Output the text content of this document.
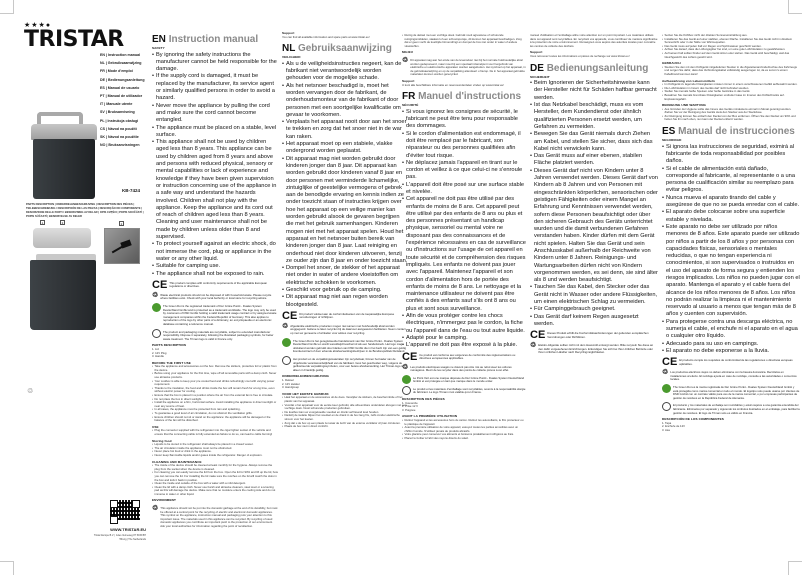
★★★●
TRISTAR
EN | Instruction manual
NL | Gebruiksaanwijzing
FR | Mode d'emploi
DE | Bedienungsanleitung
ES | Manual de usuario
PT | Manual de utilizador
IT | Manuale utente
SV | Bruksanvisning
PL | Instrukcja obsługi
CS | Návod na použití
SK | Návod na použitie
NO | Bruksanvisningen
KB-7424
PARTS DESCRIPTION | ONDERDELENBESCHRIJVING | DESCRIPTION DES PIÈCES | TEILEBESCHREIBUNG / DESCRIPCIÓN DE LAS PIEZAS | DESCRIÇÃO DO COMPONENTE | DESCRIZIONE DELLE PARTI / BESKRIVNING AV DELAR | OPIS CZĘŚCI | POPIS SOUČÁSTÍ | POPIS SÚČASTÍ | BESKRIVELSE AV DELER
1	3	2
♲
WWW.TRISTAR.EU
Tristar Europe B.V. | Jules Verneweg 87 5015 BH Tilburg | The Netherlands
EN Instruction manual
SAFETY
• By ignoring the safety instructions the manufacturer cannot be held responsible for the damage.
• If the supply cord is damaged, it must be replaced by the manufacturer, its service agent or similarly qualified persons in order to avoid a hazard.
• Never move the appliance by pulling the cord and make sure the cord cannot become entangled.
• The appliance must be placed on a stable, level surface.
• This appliance shall not be used by children aged less than 8 years. This appliance can be used by children aged from 8 years and above and persons with reduced physical, sensory or mental capabilities or lack of experience and knowledge if they have been given supervision or instruction concerning use of the appliance in a safe way and understand the hazards involved. Children shall not play with the appliance. Keep the appliance and its cord out of reach of children aged less than 8 years. Cleaning and user maintenance shall not be made by children unless older than 8 and supervised.
• To protect yourself against an electric shock, do not immerse the cord, plug or appliance in the water or any other liquid.
• Suitable for camping use.
• The appliance shall not be exposed to rain.
CE This product complies with conformity requirements of the applicable European regulations or directives.
♲ Waste electrical products should not be disposed of with household waste. Please recycle where facilities exist. Check with your local Authority or local store for recycling advice.
The Green Dot is the registered trademark of Der Grüne Punkt - Duales System Deutschland GmbH and is protected as a trademark worldwide. The logo may only be used by customers of DSD GmbH holding a valid trademark usage contract or by assigned waste management companies within the Federal Republic of Germany. This also applies to reproduction of the logo by other parts of a dictionary, an encyclopaedia or an electronic database containing a reference manual.
The product and packaging materials are recyclable, subject to extended manufacturer responsibility. Dispose it separately, following the illustrated packaging symbols, for better waste treatment. The Triman logo is valid in France only.
PARTS DESCRIPTION
1. Lid
2. 12V Plug
3. Handle
BEFORE THE FIRST USE
• Take the appliance and accessories out the box. Remove the stickers, protective foil or plastic from the device.
• Before using your appliance for the first time, wipe off all removable parts with a damp cloth. Never use abrasive products.
• Your coolbox is able to keep your pre cooled food and drinks refreshingly cool with varying power requirement.
• Thanks to the insulation, the food and drinks inside the box will remain fresh for a long time, even without electric power for cooling.
• Ensure that the box is placed in a position where the air from the external fan is free to circulate.
• Do not place the box in direct sunlight.
• Install the appliance on a firm, horizontal surface. Avoid installing the appliance in direct sunlight or near any source of heat.
• In all cases, the appliance must be protected from rain and splashing.
• To guarantee a good level of air circulation, do not obstruct the ventilation grills.
• Ensure children should not sit or stand on the appliance: the appliance will be damaged or the balance of the fan will be disturbed.
USE
• Plug the connector supplied with the refrigerator into the cigar lighter socket of the vehicle and ensure that the connecting cable is fully extended as failure to do so, can lead to cable burning!
Storing food
• Liquids to be stored in the refrigerator shall always be placed in a closed vessel.
• The air circulation inside the appliance must not be obstructed.
• Never place hot food or drink in the appliance.
• Never keep flammable liquids and/or gases inside the refrigerator. Danger of explosion.
CLEANING AND MAINTENANCE
• The inside of the device should be cleaned at least monthly for the hygiene. Always remove the plug from the socket when the device is cleaned.
• For cleaning you can easily remove the lid from the box. Open the lid for 90% and lift up the lid, how you can remove the lid. For installing the lid make sure the notches on the lid will match the slots in the box and lock it back in position.
• Clean the inside and outside of the box with a water with a mild detergent.
• Clean the lid with a damp cloth. Never use harsh and abrasive cleaners, steel wool or a scouring pad as this will damage the device. Make sure that no moisture enters the cooling side and do not immerse in water or other liquid.
ENVIRONMENT
♲ This appliance should not be put into the domestic garbage at the end of its durability, but must be offered at a central point for the recycling of electric and electronic domestic appliances. This symbol on the appliance, instruction manual and packaging puts your attention to this important issue. The materials used in this appliance can be recycled. By recycling of used domestic appliances you contribute an important push to the protection of our environment. Ask your local authorities for information regarding the point of recollection.
Support
You can find all available information and spare parts at www.tristar.eu!
NL Gebruiksaanwijzing
VEILIGHEID
• Als u de veiligheidsinstructies negeert, kan de fabrikant niet verantwoordelijk worden gehouden voor de mogelijke schade.
• Als het netsnoer beschadigd is, moet het worden vervangen door de fabrikant, de onderhoudsmonteur van de fabrikant of door personen met een soortgelijke kwalificatie om gevaar te voorkomen.
• Verplaats het apparaat nooit door aan het snoer te trekken en zorg dat het snoer niet in de war kan raken.
• Het apparaat moet op een stabiele, vlakke ondergrond worden geplaatst.
• Dit apparaat mag niet worden gebruikt door kinderen jonger dan 8 jaar. Dit apparaat kan worden gebruikt door kinderen vanaf 8 jaar en door personen met verminderde lichamelijke, zintuiglijke of geestelijke vermogens of gebrek aan de benodigde ervaring en kennis indien ze onder toezicht staan of instructies krijgen over hoe het apparaat op een veilige manier kan worden gebruikt alsook de gevaren begrijpen die met het gebruik samenhangen. Kinderen mogen niet met het apparaat spelen. Houd het apparaat en het netsnoer buiten bereik van kinderen jonger dan 8 jaar. Laat reiniging en onderhoud niet door kinderen uitvoeren, tenzij ze ouder zijn dan 8 jaar en onder toezicht staan.
• Dompel het snoer, de stekker of het apparaat niet onder in water of andere vloeistoffen om elektrische schokken te voorkomen.
• Geschikt voor gebruik op de camping.
• Dit apparaat mag niet aan regen worden blootgesteld.
CE Dit product voldoet aan de conformiteitseisen van de toepasselijke Europese verordeningen of richtlijnen.
♲ Afgedankte elektrische producten mogen niet samen met huishoudelijk afval worden weggegooid. Gelieve te laten recyclen bij de daarvoor aangewezen faciliteiten. Neem contact op met uw gemeente of winkelier voor advies over recycling.
The Green Dot is het geregistreerde handelsmerk van Der Grüne Punkt - Duales System Deutschland GmbH en wordt wereldwijd beschermd als een handelsmerk. Het logo mag uitsluitend worden gebruikt door klanten van DSD GmbH die in het bezit zijn van een geldig licentiecontract of door erkende afvalverwerkingsbedrijven in de Bondsrepubliek Duitsland.
Het product en de verpakkingsmaterialen zijn recyclebaar, binnen het kader van de uitgebreide verantwoordelijkheid van de fabrikant. Gooi het gescheiden weg, volgens de geïllustreerde verpakkingssymbolen, voor een betere afvalverwerking. Het Triman-logo is alleen in Frankrijk geldig.
ONDERDELENBESCHRIJVING
1. Deksel
2. 12V stekker
3. Handgreep
VOOR HET EERSTE GEBRUIK
• Haal het apparaat en de accessoires uit de doos. Verwijder de stickers, de beschermfolie of het plastic van het apparaat.
• Voordat u het apparaat voor de eerste keer gebruikt, alle afneembare onderdelen afvegen met een vochtige doek. Nooit schurende producten gebruiken.
• De koelbox kan uw voorgekoelde voedsel en drank verfrissend koel houden.
• Dankzij de isolatie blijven het voedsel en de drank in de box lang fris, zelfs zonder elektrische stroom voor het koelen.
• Zorg dat u de box op een plaats zet waar de lucht van de externe ventilator vrij kan circuleren.
• Plaats de box niet in direct zonlicht.
• Reinig de deksel met een vochtige doek. Gebruik nooit agressieve of schurende reinigingsmiddelen, staalwol of een schuursponsje, dit kunnen het apparaat beschadigen. Zorg dat er geen vocht de koelzijde binnendringt en dompel de box niet onder in water of andere vloeistoffen.
MILIEU
♲ Dit apparaat mag aan het einde van de levensduur niet bij het normale huishoudelijke afval worden gedeponeerd, maar moet bij een speciaal inzamelpunt voor hergebruik van elektrische en elektronische apparaten worden aangeboden. Het symbool op het apparaat, in de gebruiksaanwijzing en op de verpakking attendeert u hierop. De in het apparaat gebruikte materialen kunnen worden gerecycled.
Support
U kunt alle beschikbare informatie en reserveonderdelen vinden op www.tristar.eu!
FR Manuel d'instructions
SÉCURITÉ
• Si vous ignorez les consignes de sécurité, le fabricant ne peut être tenu pour responsable des dommages.
• Si le cordon d'alimentation est endommagé, il doit être remplacé par le fabricant, son réparateur ou des personnes qualifiées afin d'éviter tout risque.
• Ne déplacez jamais l'appareil en tirant sur le cordon et veillez à ce que celui-ci ne s'enroule pas.
• L'appareil doit être posé sur une surface stable et nivelée.
• Cet appareil ne doit pas être utilisé par des enfants de moins de 8 ans. Cet appareil peut être utilisé par des enfants de 8 ans ou plus et des personnes présentant un handicap physique, sensoriel ou mental voire ne disposant pas des connaissances et de l'expérience nécessaires en cas de surveillance ou d'instructions sur l'usage de cet appareil en toute sécurité et de compréhension des risques impliqués. Les enfants ne doivent pas jouer avec l'appareil. Maintenez l'appareil et son cordon d'alimentation hors de portée des enfants de moins de 8 ans. Le nettoyage et la maintenance utilisateur ne doivent pas être confiés à des enfants sauf s'ils ont 8 ans ou plus et sont sous surveillance.
• Afin de vous protéger contre les chocs électriques, n'immergez pas le cordon, la fiche ou l'appareil dans de l'eau ou tout autre liquide.
• Adapté pour le camping.
• L'appareil ne doit pas être exposé à la pluie.
CE Ce produit est conforme aux exigences de conformité des réglementations ou directives européennes applicables.
♲ Les produits électriques usagés ne doivent pas être mis au rebut avec les ordures ménagères. Merci de les recycler dans des points de collecte prévus à cet effet.
Le Point Vert est une marque déposée de Der Grüne Punkt - Duales System Deutschland GmbH et est protégée en tant que marque dans le monde entier.
Le produit et les matériaux d'emballage sont recyclables, soumis à la responsabilité élargie du fabricant. Le logo Triman n'est valable qu'en France.
DESCRIPTION DES PIÈCES
1. Couvercle
2. Prise 12 V
3. Poignée
AVANT LA PREMIÈRE UTILISATION
• Retirez l'appareil et les accessoires hors du carton. Retirez les autocollants, le film protecteur ou le plastique de l'appareil.
• Avant la première utilisation de votre appareil, essuyez toutes les parties amovibles avec un chiffon humide. N'utilisez jamais de produits abrasifs.
• Votre glacière peut conserver vos aliments et boissons préalablement réfrigérés au frais.
• Placez le boîtier à l'abri des rayons directs du soleil.
manuel d'utilisation et l'emballage attire votre attention sur un point important. Les matériaux utilisés dans cet appareil sont recyclables. En recyclant vos appareils, vous contribuez de manière significative à la protection de notre environnement. Renseignez-vous auprès des autorités locales pour connaître les centres de collecte des déchets.
Support
Vous retrouvez toutes les informations et pièces de rechange sur www.tristar.eu !
DE Bedienungsanleitung
SICHERHEIT
• Beim Ignorieren der Sicherheitshinweise kann der Hersteller nicht für Schäden haftbar gemacht werden.
• Ist das Netzkabel beschädigt, muss es vom Hersteller, dem Kundendienst oder ähnlich qualifizierten Personen ersetzt werden, um Gefahren zu vermeiden.
• Bewegen Sie das Gerät niemals durch Ziehen am Kabel, und stellen Sie sicher, dass sich das Kabel nicht verwickeln kann.
• Das Gerät muss auf einer ebenen, stabilen Fläche platziert werden.
• Dieses Gerät darf nicht von Kindern unter 8 Jahren verwendet werden. Dieses Gerät darf von Kindern ab 8 Jahren und von Personen mit eingeschränkten körperlichen, sensorischen oder geistigen Fähigkeiten oder einem Mangel an Erfahrung und Kenntnissen verwendet werden, sofern diese Personen beaufsichtigt oder über den sicheren Gebrauch des Geräts unterrichtet wurden und die damit verbundenen Gefahren verstanden haben. Kinder dürfen mit dem Gerät nicht spielen. Halten Sie das Gerät und sein Anschlusskabel außerhalb der Reichweite von Kindern unter 8 Jahren. Reinigungs- und Wartungsarbeiten dürfen nicht von Kindern vorgenommen werden, es sei denn, sie sind älter als 8 und werden beaufsichtigt.
• Tauchen Sie das Kabel, den Stecker oder das Gerät nicht in Wasser oder andere Flüssigkeiten, um einen elektrischen Schlag zu vermeiden.
• Für Campinggebrauch geeignet.
• Das Gerät darf keinem Regen ausgesetzt werden.
CE Dieses Produkt erfüllt die Konformitätsanforderungen der geltenden europäischen Verordnungen oder Richtlinien.
♲ Elektro-Altgeräte sollten nicht mit dem Hausmüll entsorgt werden. Bitte recyceln Sie diese an den dafür vorgesehenen Einrichtungen. Erkundigen Sie sich bei Ihrer örtlichen Behörde oder Ihrem örtlichen Händler nach Recyclingmöglichkeiten.
• Setzen Sie die Kühlbox nicht der direkten Sonneneinstrahlung aus.
• Installieren Sie das Gerät auf einer stabilen, ebenen Fläche. Installieren Sie das Gerät nicht in direktem Sonnenlicht oder in der Nähe von Wärmequellen.
• Das Gerät muss auf jeden Fall vor Regen und Spritzwasser geschützt werden.
• Achten Sie darauf, dass die Lüftungsgitter frei sind, um eine gute Luftzirkulation zu gewährleisten.
• Auf keinen Fall sollten Kinder auf dem Gerät sitzen oder stehen. Das Gerät wird beschädigt, weil das Gleichgewicht des Lüfters gestört wird.
GEBRAUCH
• Stecken Sie den mit dem Kühlgerät mitgelieferten Stecker in die Zigarettenanzünderbuchse des Fahrzeugs und sorgen Sie dafür, dass das Verbindungskabel vollständig ausgezogen ist, da es sonst zu einem Kabelbrand kommen kann!
Aufbewahrung von Lebensmitteln
• Im Kühlgerät zu lagernde Flüssigkeiten müssen immer in einem verschlossenen Gefäß aufbewahrt werden.
• Die Luftzirkulation im Innern des Geräts darf nicht behindert werden.
• Stellen Sie niemals heiße Speisen oder heiße Getränke in das Gerät.
• Bewahren Sie niemals brennbare Flüssigkeiten und/oder Gase im Inneren des Kühlschranks auf. Explosionsgefahr.
REINIGUNG UND WARTUNG
• Aus Gründen der Hygiene sollte das Innere des Geräts mindestens einmal im Monat gereinigt werden. Ziehen Sie vor der Reinigung des Geräts stets den Stecker aus der Steckdose.
• Zur Reinigung können Sie einfach den Deckel von der Box entfernen. Öffnen Sie den Deckel um 90% und heben Sie ihn nach oben, nun kann der Deckel entfernt werden.
ES Manual de instrucciones
SEGURIDAD
• Si ignora las instrucciones de seguridad, eximirá al fabricante de toda responsabilidad por posibles daños.
• Si el cable de alimentación está dañado, corresponde al fabricante, al representante o a una persona de cualificación similar su reemplazo para evitar peligros.
• Nunca mueva el aparato tirando del cable y asegúrese de que no se pueda enredar con el cable.
• El aparato debe colocarse sobre una superficie estable y nivelada.
• Este aparato no debe ser utilizado por niños menores de 8 años. Este aparato puede ser utilizado por niños a partir de los 8 años y por personas con capacidades físicas, sensoriales o mentales reducidas, o que no tengan experiencia ni conocimientos, si son supervisados o instruidos en el uso del aparato de forma segura y entienden los riesgos implicados. Los niños no pueden jugar con el aparato. Mantenga el aparato y el cable fuera del alcance de los niños menores de 8 años. Los niños no podrán realizar la limpieza ni el mantenimiento reservado al usuario a menos que tengan más de 8 años y cuenten con supervisión.
• Para protegerse contra una descarga eléctrica, no sumerja el cable, el enchufe ni el aparato en el agua o cualquier otro líquido.
• Adecuado para su uso en campings.
• El aparato no debe exponerse a la lluvia.
CE El producto cumple los requisitos de conformidad de las regulaciones o directivas europeas aplicables.
♲ Los productos eléctricos viejos no deben eliminarse con la basura doméstica. Recíclelos en instalaciones al efecto. El reciclaje ayuda en caso de reciclaje, consulte a las autoridades o comercios locales.
The Green Dot es la marca registrada de Der Grüne Punkt - Duales System Deutschland GmbH y está protegida como marca comercial en todo el mundo. El logotipo solo puede usarse por clientes de DSD GmbH con un contrato válido para uso de la marca comercial, o por empresas participantes de gestión de residuos en la República Federal de Alemania.
El producto y los materiales de embalaje son reciclables y están sujetos a una garantía extendida del fabricante. Elimínelos por separado y siguiendo los símbolos ilustrados en el embalaje, para facilitar la gestión de residuos. El logo de Triman solo es válido en Francia.
DESCRIPCIÓN DE LOS COMPONENTES
1. Tapa
2. Enchufe de 12V
3. Asa
